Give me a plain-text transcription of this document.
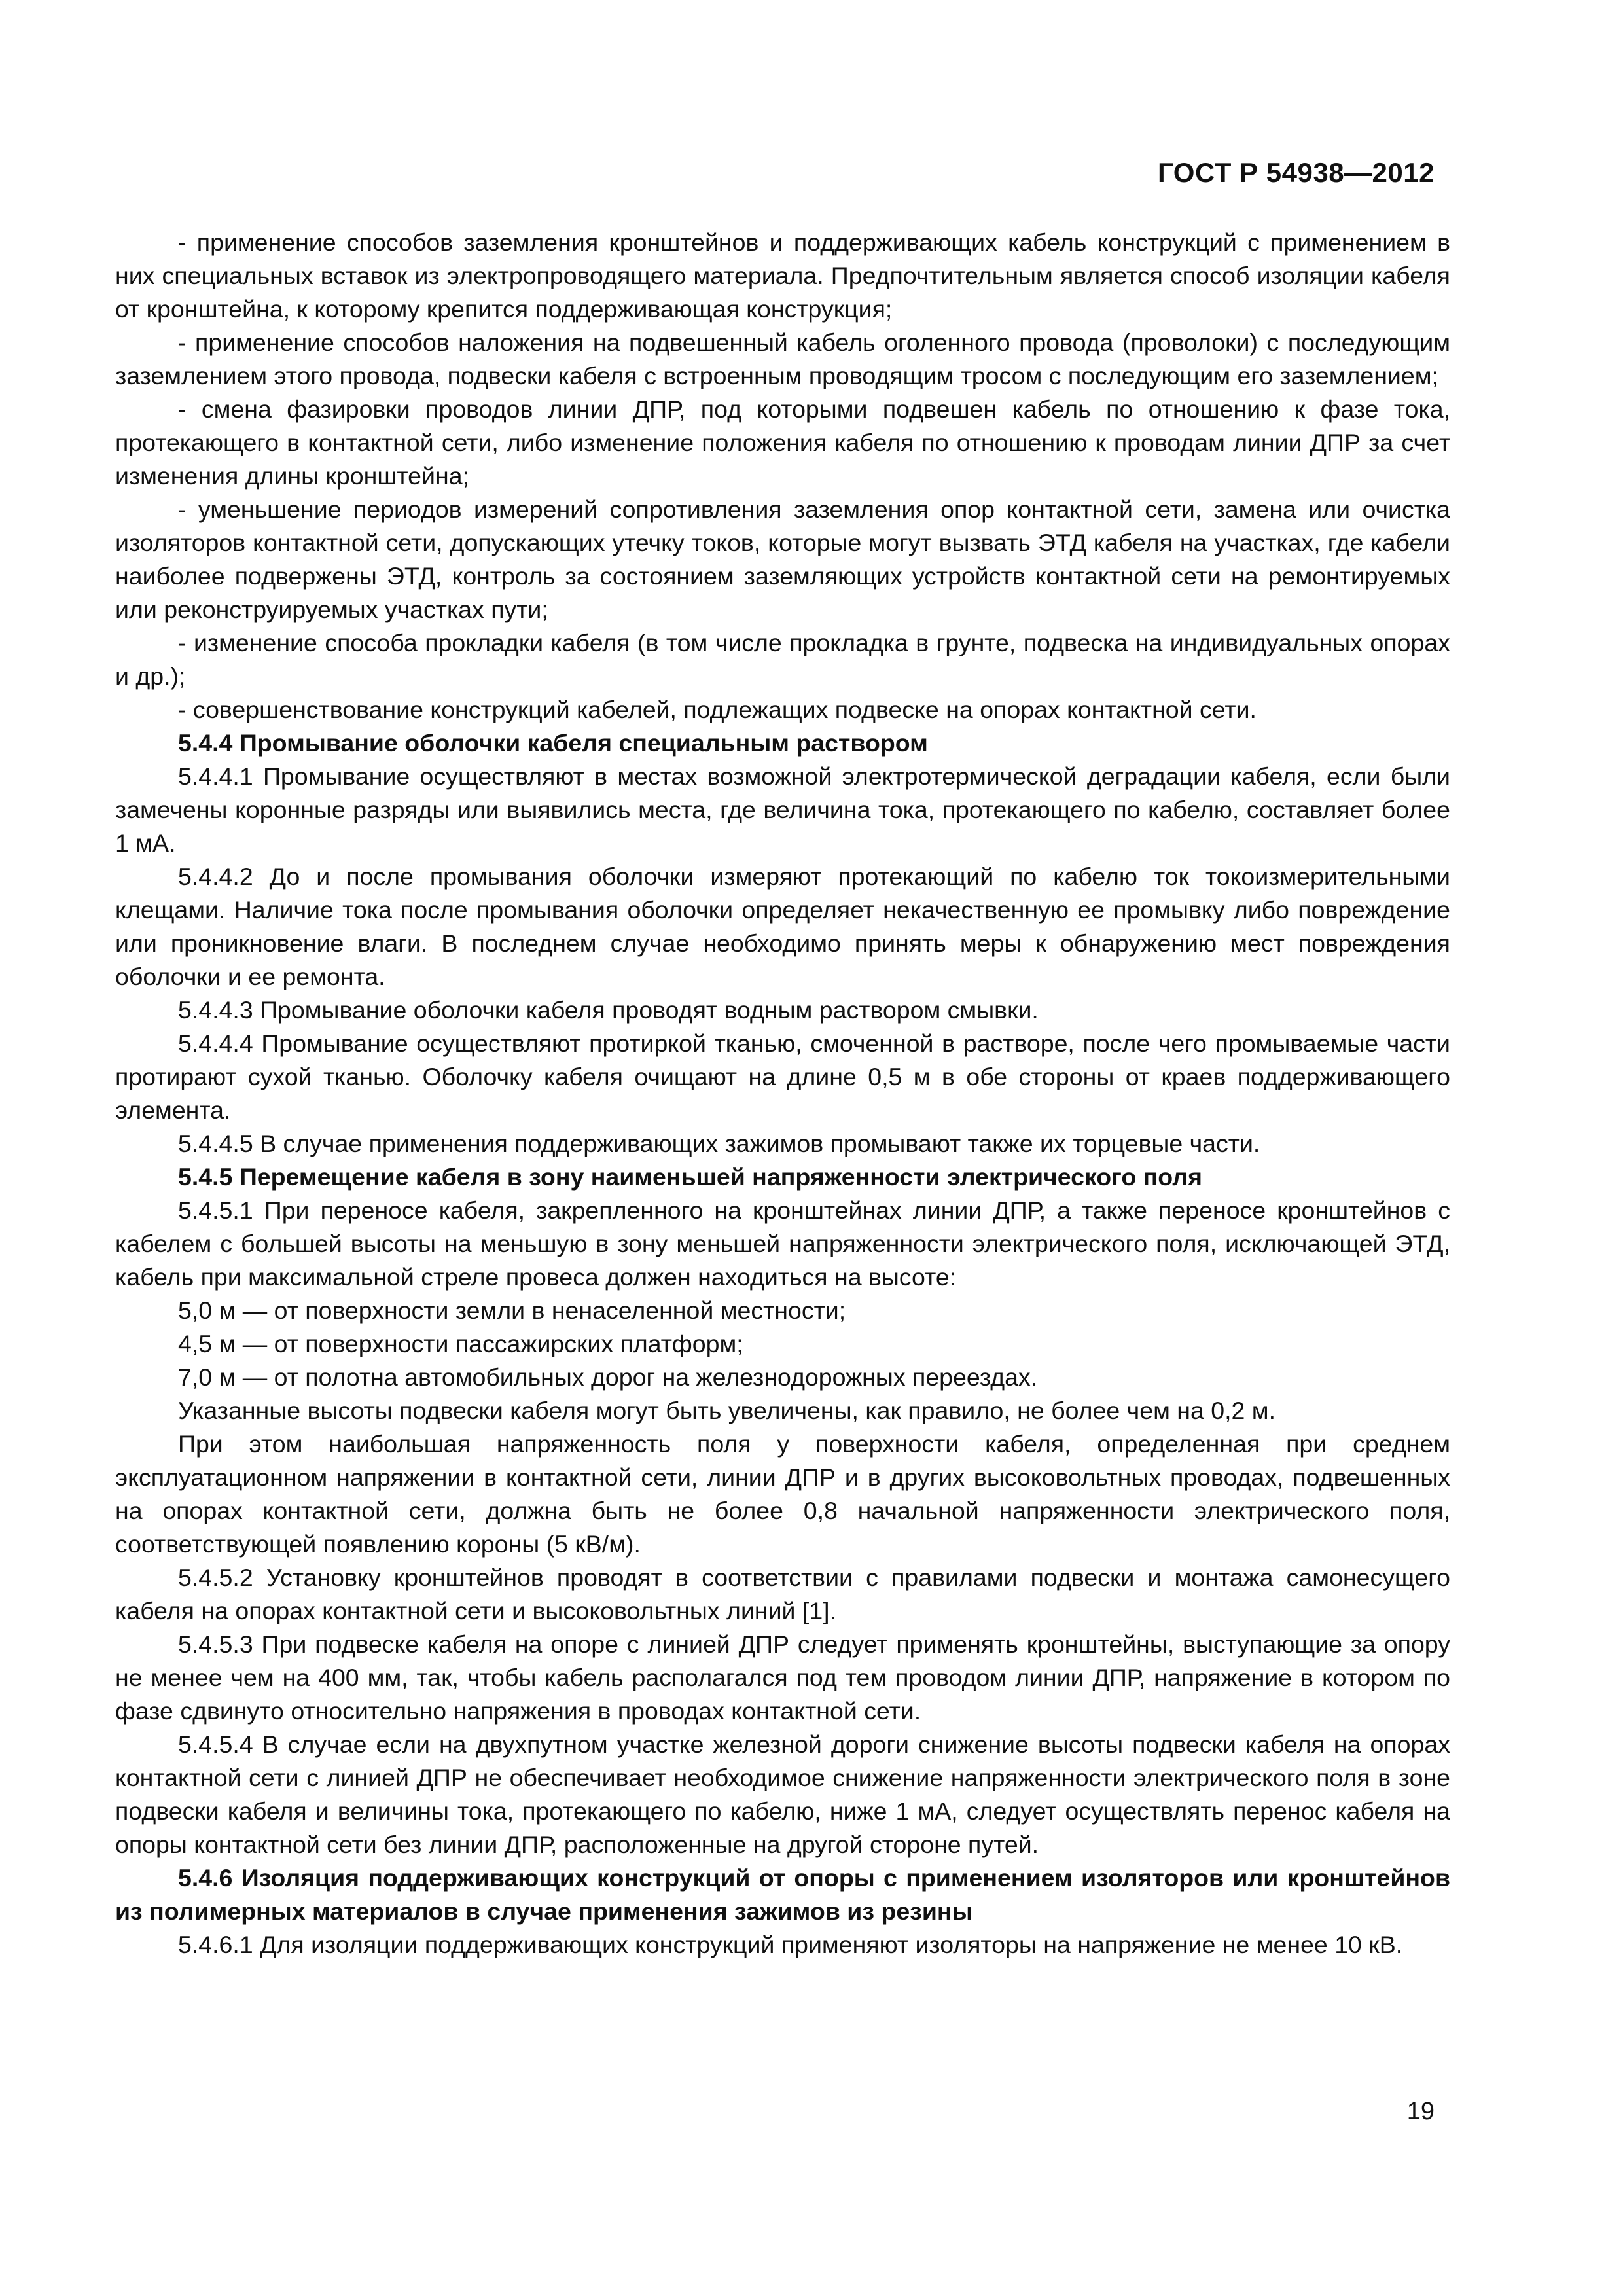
ГОСТ Р 54938—2012

- применение способов заземления кронштейнов и поддерживающих кабель конструкций с применением в них специальных вставок из электропроводящего материала. Предпочтительным является способ изоляции кабеля от кронштейна, к которому крепится поддерживающая конструкция;

- применение способов наложения на подвешенный кабель оголенного провода (проволоки) с последующим заземлением этого провода, подвески кабеля с встроенным проводящим тросом с последующим его заземлением;

- смена фазировки проводов линии ДПР, под которыми подвешен кабель по отношению к фазе тока, протекающего в контактной сети, либо изменение положения кабеля по отношению к проводам линии ДПР за счет изменения длины кронштейна;

- уменьшение периодов измерений сопротивления заземления опор контактной сети, замена или очистка изоляторов контактной сети, допускающих утечку токов, которые могут вызвать ЭТД кабеля на участках, где кабели наиболее подвержены ЭТД, контроль за состоянием заземляющих устройств контактной сети на ремонтируемых или реконструируемых участках пути;

- изменение способа прокладки кабеля (в том числе прокладка в грунте, подвеска на индивидуальных опорах и др.);

- совершенствование конструкций кабелей, подлежащих подвеске на опорах контактной сети.

5.4.4 Промывание оболочки кабеля специальным раствором

5.4.4.1 Промывание осуществляют в местах возможной электротермической деградации кабеля, если были замечены коронные разряды или выявились места, где величина тока, протекающего по кабелю, составляет более 1 мА.

5.4.4.2 До и после промывания оболочки измеряют протекающий по кабелю ток токоизмерительными клещами. Наличие тока после промывания оболочки определяет некачественную ее промывку либо повреждение или проникновение влаги. В последнем случае необходимо принять меры к обнаружению мест повреждения оболочки и ее ремонта.

5.4.4.3 Промывание оболочки кабеля проводят водным раствором смывки.

5.4.4.4 Промывание осуществляют протиркой тканью, смоченной в растворе, после чего промываемые части протирают сухой тканью. Оболочку кабеля очищают на длине 0,5 м в обе стороны от краев поддерживающего элемента.

5.4.4.5 В случае применения поддерживающих зажимов промывают также их торцевые части.

5.4.5 Перемещение кабеля в зону наименьшей напряженности электрического поля

5.4.5.1 При переносе кабеля, закрепленного на кронштейнах линии ДПР, а также переносе кронштейнов с кабелем с большей высоты на меньшую в зону меньшей напряженности электрического поля, исключающей ЭТД, кабель при максимальной стреле провеса должен находиться на высоте:

5,0 м — от поверхности земли в ненаселенной местности;

4,5 м — от поверхности пассажирских платформ;

7,0 м — от полотна автомобильных дорог на железнодорожных переездах.

Указанные высоты подвески кабеля могут быть увеличены, как правило, не более чем на 0,2 м.

При этом наибольшая напряженность поля у поверхности кабеля, определенная при среднем эксплуатационном напряжении в контактной сети, линии ДПР и в других высоковольтных проводах, подвешенных на опорах контактной сети, должна быть не более 0,8 начальной напряженности электрического поля, соответствующей появлению короны (5 кВ/м).

5.4.5.2 Установку кронштейнов проводят в соответствии с правилами подвески и монтажа самонесущего кабеля на опорах контактной сети и высоковольтных линий [1].

5.4.5.3 При подвеске кабеля на опоре с линией ДПР следует применять кронштейны, выступающие за опору не менее чем на 400 мм, так, чтобы кабель располагался под тем проводом линии ДПР, напряжение в котором по фазе сдвинуто относительно напряжения в проводах контактной сети.

5.4.5.4 В случае если на двухпутном участке железной дороги снижение высоты подвески кабеля на опорах контактной сети с линией ДПР не обеспечивает необходимое снижение напряженности электрического поля в зоне подвески кабеля и величины тока, протекающего по кабелю, ниже 1 мА, следует осуществлять перенос кабеля на опоры контактной сети без линии ДПР, расположенные на другой стороне путей.

5.4.6 Изоляция поддерживающих конструкций от опоры с применением изоляторов или кронштейнов из полимерных материалов в случае применения зажимов из резины

5.4.6.1 Для изоляции поддерживающих конструкций применяют изоляторы на напряжение не менее 10 кВ.

19
